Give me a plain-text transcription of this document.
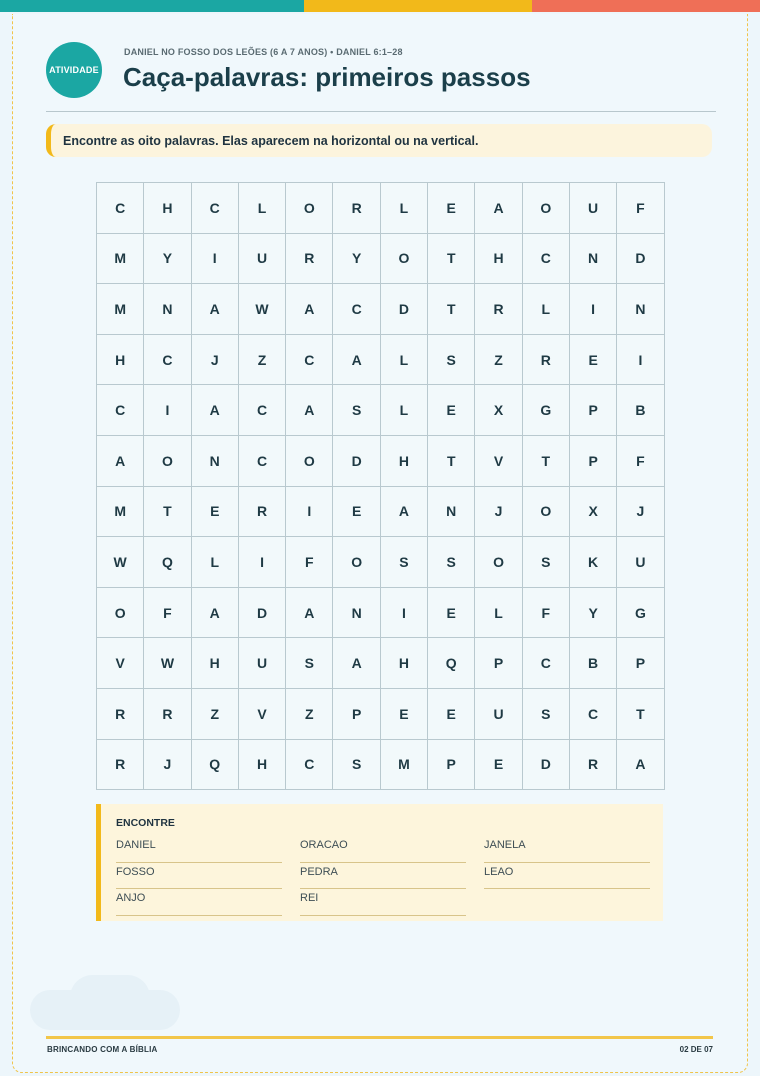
ATIVIDADE
DANIEL NO FOSSO DOS LEÕES (6 A 7 ANOS) • DANIEL 6:1–28
Caça-palavras: primeiros passos
Encontre as oito palavras. Elas aparecem na horizontal ou na vertical.
C	H	C	L	O	R	L	E	A	O	U	F
M	Y	I	U	R	Y	O	T	H	C	N	D
M	N	A	W	A	C	D	T	R	L	I	N
H	C	J	Z	C	A	L	S	Z	R	E	I
C	I	A	C	A	S	L	E	X	G	P	B
A	O	N	C	O	D	H	T	V	T	P	F
M	T	E	R	I	E	A	N	J	O	X	J
W	Q	L	I	F	O	S	S	O	S	K	U
O	F	A	D	A	N	I	E	L	F	Y	G
V	W	H	U	S	A	H	Q	P	C	B	P
R	R	Z	V	Z	P	E	E	U	S	C	T
R	J	Q	H	C	S	M	P	E	D	R	A
ENCONTRE
DANIEL	ORACAO	JANELA
FOSSO	PEDRA	LEAO
ANJO	REI
BRINCANDO COM A BÍBLIA	02 DE 07
